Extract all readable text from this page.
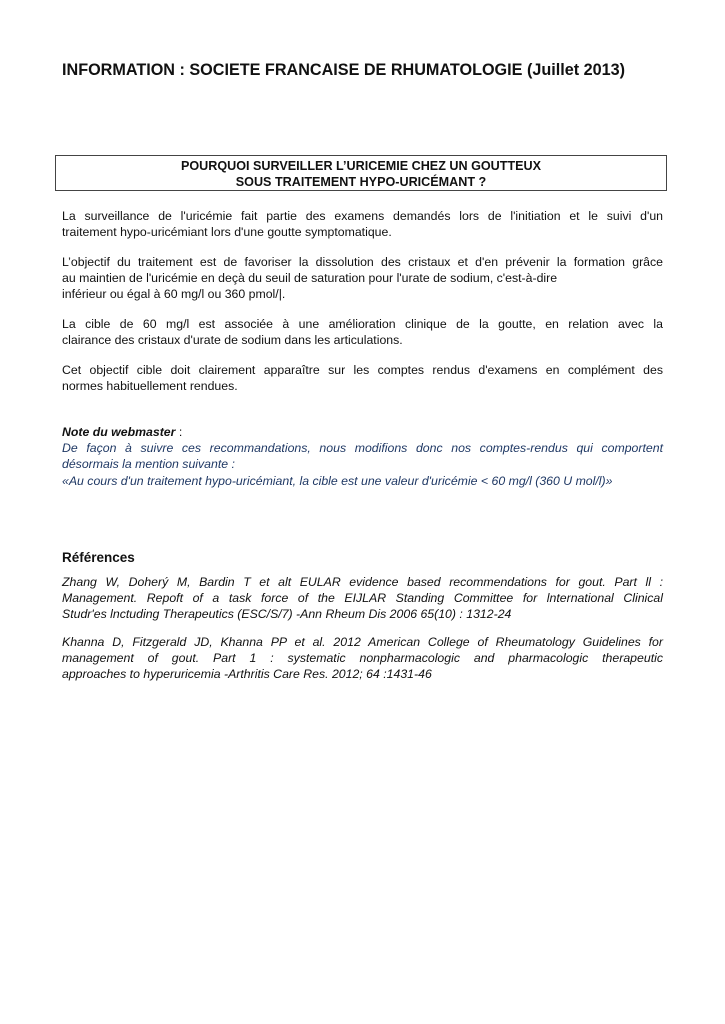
INFORMATION : SOCIETE FRANCAISE DE RHUMATOLOGIE (Juillet 2013)
POURQUOI SURVEILLER L’URICEMIE CHEZ UN GOUTTEUX
SOUS TRAITEMENT HYPO-URICÉMANT ?

La surveillance de l'uricémie fait partie des examens demandés lors de l'initiation et le suivi d'un
traitement hypo-uricémiant lors d'une goutte symptomatique.

L’objectif du traitement est de favoriser la dissolution des cristaux et d'en prévenir la formation grâce
au maintien de l'uricémie en deçà du seuil de saturation pour l'urate de sodium, c'est-à-dire
inférieur ou égal à 60 mg/l ou 360 pmol/|.

La cible de 60 mg/l est associée à une amélioration clinique de la goutte, en relation avec la
clairance des cristaux d'urate de sodium dans les articulations.

Cet objectif cible doit clairement apparaître sur les comptes rendus d'examens en complément des
normes habituellement rendues.

Note du webmaster :
De façon à suivre ces recommandations, nous modifions donc nos comptes-rendus qui comportent
désormais la mention suivante :
«Au cours d'un traitement hypo-uricémiant, la cible est une valeur d'uricémie < 60 mg/l (360 U mol/l)»

Références

Zhang W, Doherý M, Bardin T et alt EULAR evidence based recommendations for gout. Part ll :
Management. Repoft of a task force of the EIJLAR Standing Committee for lnternational Clinical
Studr'es lnctuding Therapeutics (ESC/S/7) -Ann Rheum Dis 2006 65(10) : 1312-24

Khanna D, Fitzgerald JD, Khanna PP et al. 2012 American College of Rheumatology Guidelines for
management of gout. Part 1 : systematic nonpharmacologic and pharmacologic therapeutic
approaches to hyperuricemia -Arthritis Care Res. 2012; 64 :1431-46
